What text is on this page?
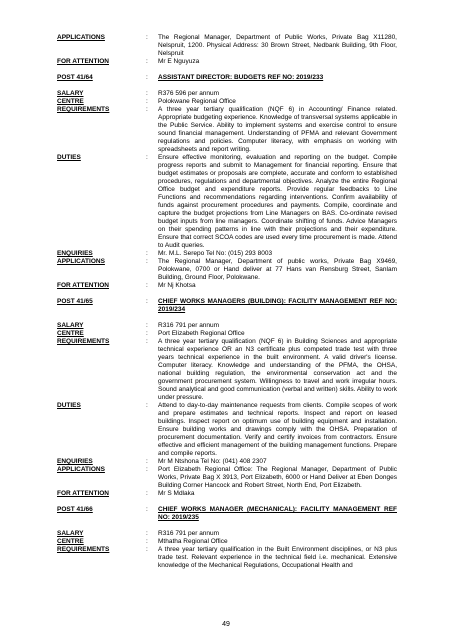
APPLICATIONS	:	The Regional Manager, Department of Public Works, Private Bag X11280, Nelspruit, 1200. Physical Address: 30 Brown Street, Nedbank Building, 9th Floor, Nelspruit
FOR ATTENTION	:	Mr E Nguyuza
POST 41/64	:	ASSISTANT DIRECTOR: BUDGETS REF NO: 2019/233
SALARY	:	R376 596 per annum
CENTRE	:	Polokwane Regional Office
REQUIREMENTS	:	A three year tertiary qualification (NQF 6) in Accounting/ Finance related. Appropriate budgeting experience. Knowledge of transversal systems applicable in the Public Service. Ability to implement systems and exercise control to ensure sound financial management. Understanding of PFMA and relevant Government regulations and policies. Computer literacy, with emphasis on working with spreadsheets and report writing.
DUTIES	:	Ensure effective monitoring, evaluation and reporting on the budget. Compile progress reports and submit to Management for financial reporting. Ensure that budget estimates or proposals are complete, accurate and conform to established procedures, regulations and departmental objectives. Analyze the entire Regional Office budget and expenditure reports. Provide regular feedbacks to Line Functions and recommendations regarding interventions. Confirm availability of funds against procurement procedures and payments. Compile, coordinate and capture the budget projections from Line Managers on BAS. Co-ordinate revised budget inputs from line managers. Coordinate shifting of funds. Advice Managers on their spending patterns in line with their projections and their expenditure. Ensure that correct SCOA codes are used every time procurement is made. Attend to Audit queries.
ENQUIRIES	:	Mr. M.L. Serepo Tel No: (015) 293 8003
APPLICATIONS	:	The Regional Manager, Department of public works, Private Bag X9469, Polokwane, 0700 or Hand deliver at 77 Hans van Rensburg Street, Sanlam Building, Ground Floor, Polokwane.
FOR ATTENTION	:	Mr Nj Khotsa
POST 41/65	:	CHIEF WORKS MANAGERS (BUILDING): FACILITY MANAGEMENT REF NO: 2019/234
SALARY	:	R316 791 per annum
CENTRE	:	Port Elizabeth Regional Office
REQUIREMENTS	:	A three year tertiary qualification (NQF 6) in Building Sciences and appropriate technical experience OR an N3 certificate plus competed trade test with three years technical experience in the built environment. A valid driver's license. Computer literacy. Knowledge and understanding of the PFMA, the OHSA, national building regulation, the environmental conservation act and the government procurement system. Willingness to travel and work irregular hours. Sound analytical and good communication (verbal and written) skills. Ability to work under pressure.
DUTIES	:	Attend to day-to-day maintenance requests from clients. Compile scopes of work and prepare estimates and technical reports. Inspect and report on leased buildings. Inspect report on optimum use of building equipment and installation. Ensure building works and drawings comply with the OHSA. Preparation of procurement documentation. Verify and certify invoices from contractors. Ensure effective and efficient management of the building management functions. Prepare and compile reports.
ENQUIRIES	:	Mr M Ntshona Tel No: (041) 408 2307
APPLICATIONS	:	Port Elizabeth Regional Office: The Regional Manager, Department of Public Works, Private Bag X 3913, Port Elizabeth, 6000 or Hand Deliver at Eben Donges Building Corner Hancock and Robert Street, North End, Port Elizabeth.
FOR ATTENTION	:	Mr S Mdlaka
POST 41/66	:	CHIEF WORKS MANAGER (MECHANICAL): FACILITY MANAGEMENT REF NO: 2019/235
SALARY	:	R316 791 per annum
CENTRE	:	Mthatha Regional Office
REQUIREMENTS	:	A three year tertiary qualification in the Built Environment disciplines, or N3 plus trade test. Relevant experience in the technical field i.e. mechanical. Extensive knowledge of the Mechanical Regulations, Occupational Health and
49
